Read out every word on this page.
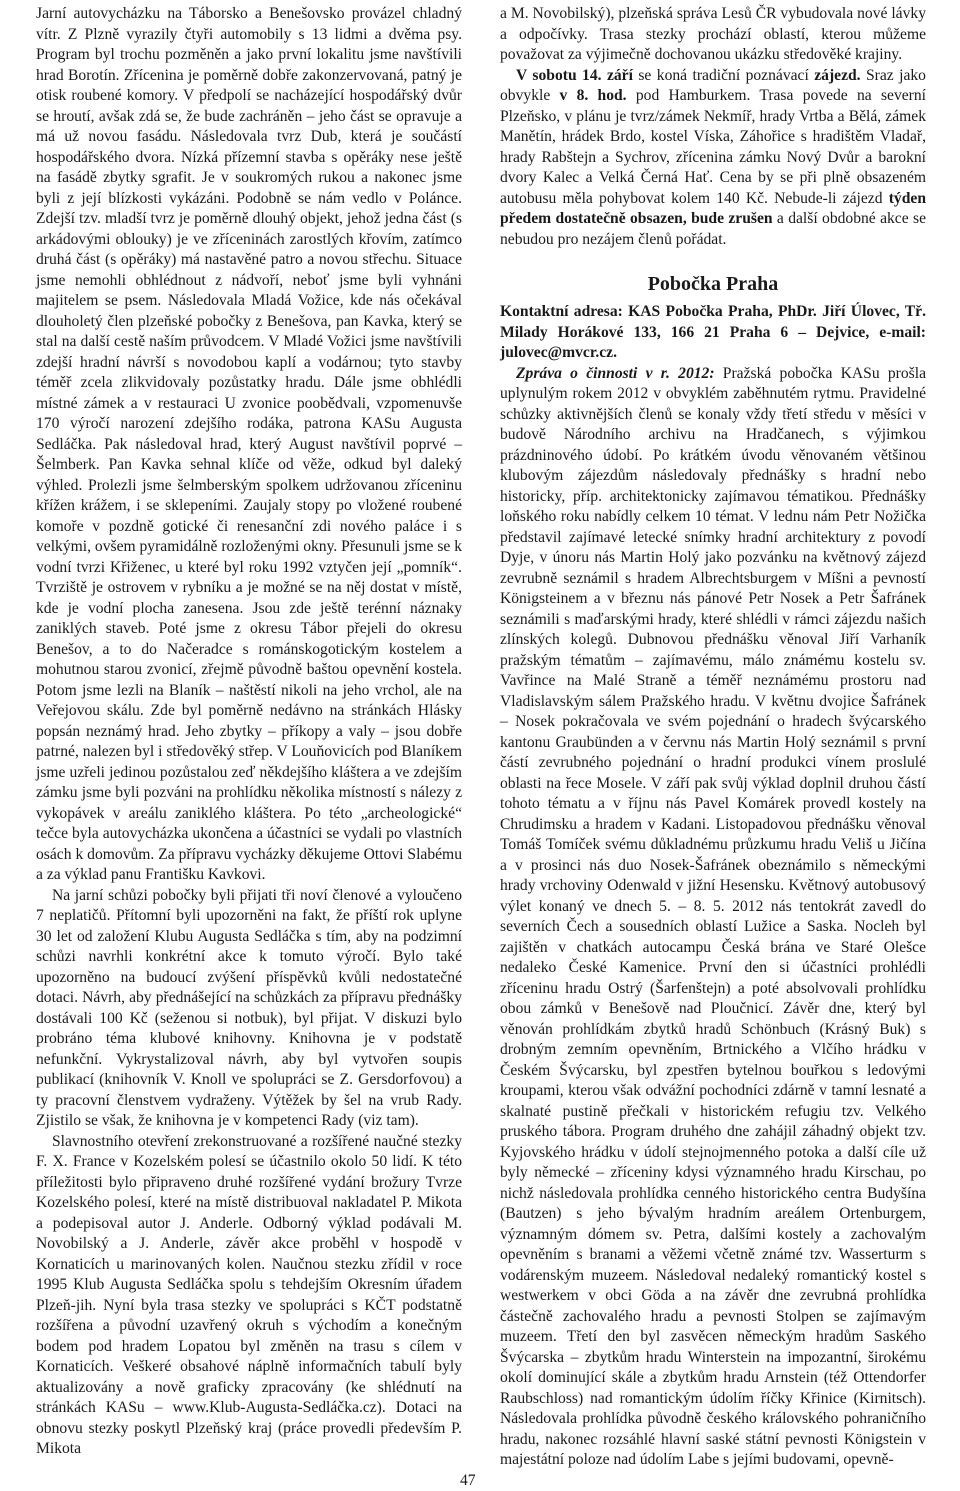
Jarní autovycházku na Táborsko a Benešovsko provázel chladný vítr. Z Plzně vyrazily čtyři automobily s 13 lidmi a dvěma psy. Program byl trochu pozměněn a jako první lokalitu jsme navštívili hrad Borotín. Zřícenina je poměrně dobře zakonzervovaná, patný je otisk roubené komory. V předpolí se nacházející hospodářský dvůr se hroutí, avšak zdá se, že bude zachráněn – jeho část se opravuje a má už novou fasádu. Následovala tvrz Dub, která je součástí hospodářského dvora. Nízká přízemní stavba s opěráky nese ještě na fasádě zbytky sgrafit. Je v soukromých rukou a nakonec jsme byli z její blízkosti vykázáni. Podobně se nám vedlo v Polánce. Zdejší tzv. mladší tvrz je poměrně dlouhý objekt, jehož jedna část (s arkádovými oblouky) je ve zříceninách zarostlých křovím, zatímco druhá část (s opěráky) má nastavěné patro a novou střechu. Situace jsme nemohli obhlédnout z nádvoří, neboť jsme byli vyhnáni majitelem se psem. Následovala Mladá Vožice, kde nás očekával dlouholetý člen plzeňské pobočky z Benešova, pan Kavka, který se stal na další cestě naším průvodcem. V Mladé Vožici jsme navštívili zdejší hradní návrší s novodobou kaplí a vodárnou; tyto stavby téměř zcela zlikvidovaly pozůstatky hradu. Dále jsme obhlédli místné zámek a v restauraci U zvonice poobědvali, vzpomenuvše 170 výročí narození zdejšího rodáka, patrona KASu Augusta Sedláčka. Pak následoval hrad, který August navštívil poprvé – Šelmberk. Pan Kavka sehnal klíče od věže, odkud byl daleký výhled. Prolezli jsme šelmberským spolkem udržovanou zříceninu křížen krážem, i se sklepeními. Zaujaly stopy po vložené roubené komoře v pozdně gotické či renesanční zdi nového paláce i s velkými, ovšem pyramidálně rozloženými okny. Přesunuli jsme se k vodní tvrzi Křiženec, u které byl roku 1992 vztyčen její „pomník“. Tvrziště je ostrovem v rybníku a je možné se na něj dostat v místě, kde je vodní plocha zanesena. Jsou zde ještě terénní náznaky zaniklých staveb. Poté jsme z okresu Tábor přejeli do okresu Benešov, a to do Načeradce s románskogotickým kostelem a mohutnou starou zvonicí, zřejmě původně baštou opevnění kostela. Potom jsme lezli na Blaník – naštěstí nikoli na jeho vrchol, ale na Veřejovou skálu. Zde byl poměrně nedávno na stránkách Hlásky popsán neznámý hrad. Jeho zbytky – příkopy a valy – jsou dobře patrné, nalezen byl i středověký střep. V Louňovicích pod Blaníkem jsme uzřeli jedinou pozůstalou zeď někdejšího kláštera a ve zdejším zámku jsme byli pozváni na prohlídku několika místností s nálezy z vykopávek v areálu zaniklého kláštera. Po této „archeologické“ tečce byla autovycházka ukončena a účastníci se vydali po vlastních osách k domovům. Za přípravu vycházky děkujeme Ottovi Slabému a za výklad panu Františku Kavkovi.

Na jarní schůzi pobočky byli přijati tři noví členové a vyloučeno 7 neplatičů. Přítomní byli upozorněni na fakt, že příští rok uplyne 30 let od založení Klubu Augusta Sedláčka s tím, aby na podzimní schůzi navrhli konkrétní akce k tomuto výročí. Bylo také upozorněno na budoucí zvýšení příspěvků kvůli nedostatečné dotaci. Návrh, aby přednášející na schůzkách za přípravu přednášky dostávali 100 Kč (seženou si notbuk), byl přijat. V diskuzi bylo probráno téma klubové knihovny. Knihovna je v podstatě nefunkční. Vykrystalizoval návrh, aby byl vytvořen soupis publikací (knihovník V. Knoll ve spolupráci se Z. Gersdorfovou) a ty pracovní členstvem vydraženy. Výtěžek by šel na vrub Rady. Zjistilo se však, že knihovna je v kompetenci Rady (viz tam).

Slavnostního otevření zrekonstruované a rozšířené naučné stezky F. X. France v Kozelském polesí se účastnilo okolo 50 lidí. K této příležitosti bylo připraveno druhé rozšířené vydání brožury Tvrze Kozelského polesí, které na místě distribuoval nakladatel P. Mikota a podepisoval autor J. Anderle. Odborný výklad podávali M. Novobilský a J. Anderle, závěr akce proběhl v hospodě v Kornaticích u marinovaných kolen. Naučnou stezku zřídil v roce 1995 Klub Augusta Sedláčka spolu s tehdejším Okresním úřadem Plzeň-jih. Nyní byla trasa stezky ve spolupráci s KČT podstatně rozšířena a původní uzavřený okruh s východím a konečným bodem pod hradem Lopatou byl změněn na trasu s cílem v Kornaticích. Veškeré obsahové náplně informačních tabulí byly aktualizovány a nově graficky zpracovány (ke shlédnutí na stránkách KASu – www.Klub-Augusta-Sedláčka.cz). Dotaci na obnovu stezky poskytl Plzeňský kraj (práce provedli především P. Mikota

a M. Novobilský), plzeňská správa Lesů ČR vybudovala nové lávky a odpočívky. Trasa stezky prochází oblastí, kterou můžeme považovat za výjimečně dochovanou ukázku středověké krajiny.

V sobotu 14. září se koná tradiční poznávací zájezd. Sraz jako obvykle v 8. hod. pod Hamburkem. Trasa povede na severní Plzeňsko, v plánu je tvrz/zámek Nekmíř, hrady Vrtba a Bělá, zámek Manětín, hrádek Brdo, kostel Víska, Záhořice s hradištěm Vladař, hrady Rabštejn a Sychrov, zřícenina zámku Nový Dvůr a barokní dvory Kalec a Velká Černá Hať. Cena by se při plně obsazeném autobusu měla pohybovat kolem 140 Kč. Nebude-li zájezd týden předem dostatečně obsazen, bude zrušen a další obdobné akce se nebudou pro nezájem členů pořádat.

Pobočka Praha

Kontaktní adresa: KAS Pobočka Praha, PhDr. Jiří Úlovec, Tř. Milady Horákové 133, 166 21 Praha 6 – Dejvice, e-mail: julovec@mvcr.cz.

Zpráva o činnosti v r. 2012: Pražská pobočka KASu prošla uplynulým rokem 2012 v obvyklém zaběhnutém rytmu. Pravidelné schůzky aktivnějších členů se konaly vždy třetí středu v měsíci v budově Národního archivu na Hradčanech, s výjimkou prázdninového údobí. Po krátkém úvodu věnovaném většinou klubovým zájezdům následovaly přednášky s hradní nebo historicky, příp. architektonicky zajímavou tématikou. Přednášky loňského roku nabídly celkem 10 témat. V lednu nám Petr Nožička představil zajímavé letecké snímky hradní architektury z povodí Dyje, v únoru nás Martin Holý jako pozvánku na květnový zájezd zevrubně seznámil s hradem Albrechtsburgem v Míšni a pevností Königsteinem a v březnu nás pánové Petr Nosek a Petr Šafránek seznámili s maďarskými hrady, které shlédli v rámci zájezdu našich zlínských kolegů. Dubnovou přednášku věnoval Jiří Varhaník pražským tématům – zajímavému, málo známému kostelu sv. Vavřince na Malé Straně a téměř neznámému prostoru nad Vladislavským sálem Pražského hradu. V květnu dvojice Šafránek – Nosek pokračovala ve svém pojednání o hradech švýcarského kantonu Graubünden a v červnu nás Martin Holý seznámil s první částí zevrubného pojednání o hradní produkci vínem proslulé oblasti na řece Mosele. V září pak svůj výklad doplnil druhou částí tohoto tématu a v říjnu nás Pavel Komárek provedl kostely na Chrudimsku a hradem v Kadani. Listopadovou přednášku věnoval Tomáš Tomíček svému důkladnému průzkumu hradu Veliš u Jičína a v prosinci nás duo Nosek-Šafránek obeznámilo s německými hrady vrchoviny Odenwald v jižní Hesensku. Květnový autobusový výlet konaný ve dnech 5. – 8. 5. 2012 nás tentokrát zavedl do severních Čech a sousedních oblastí Lužice a Saska. Nocleh byl zajištěn v chatkách autocampu Česká brána ve Staré Olešce nedaleko České Kamenice. První den si účastníci prohlédli zříceninu hradu Ostrý (Šarfenštejn) a poté absolvovali prohlídku obou zámků v Benešově nad Ploučnicí. Závěr dne, který byl věnován prohlídkám zbytků hradů Schönbuch (Krásný Buk) s drobným zemním opevněním, Brtnického a Vlčího hrádku v Českém Švýcarsku, byl zpestřen bytelnou bouřkou s ledovými kroupami, kterou však odvážní pochodníci zdárně v tamní lesnaté a skalnaté pustině přečkali v historickém refugiu tzv. Velkého pruského tábora. Program druhého dne zahájil záhadný objekt tzv. Kyjovského hrádku v údolí stejnojmenného potoka a další cíle už byly německé – zříceniny kdysi významného hradu Kirschau, po nichž následovala prohlídka cenného historického centra Budyšína (Bautzen) s jeho bývalým hradním areálem Ortenburgem, významným dómem sv. Petra, dalšími kostely a zachovalým opevněním s branami a věžemi včetně známé tzv. Wasserturm s vodárenským muzeem. Následoval nedaleký romantický kostel s westwerkem v obci Göda a na závěr dne zevrubná prohlídka částečně zachovalého hradu a pevnosti Stolpen se zajímavým muzeem. Třetí den byl zasvěcen německým hradům Saského Švýcarska – zbytkům hradu Winterstein na impozantní, širokému okolí dominující skále a zbytkům hradu Arnstein (též Ottendorfer Raubschloss) nad romantickým údolím říčky Křinice (Kirnitsch). Následovala prohlídka původně českého královského pohraničního hradu, nakonec rozsáhlé hlavní saské státní pevnosti Königstein v majestátní poloze nad údolím Labe s jejími budovami, opevně-

47
